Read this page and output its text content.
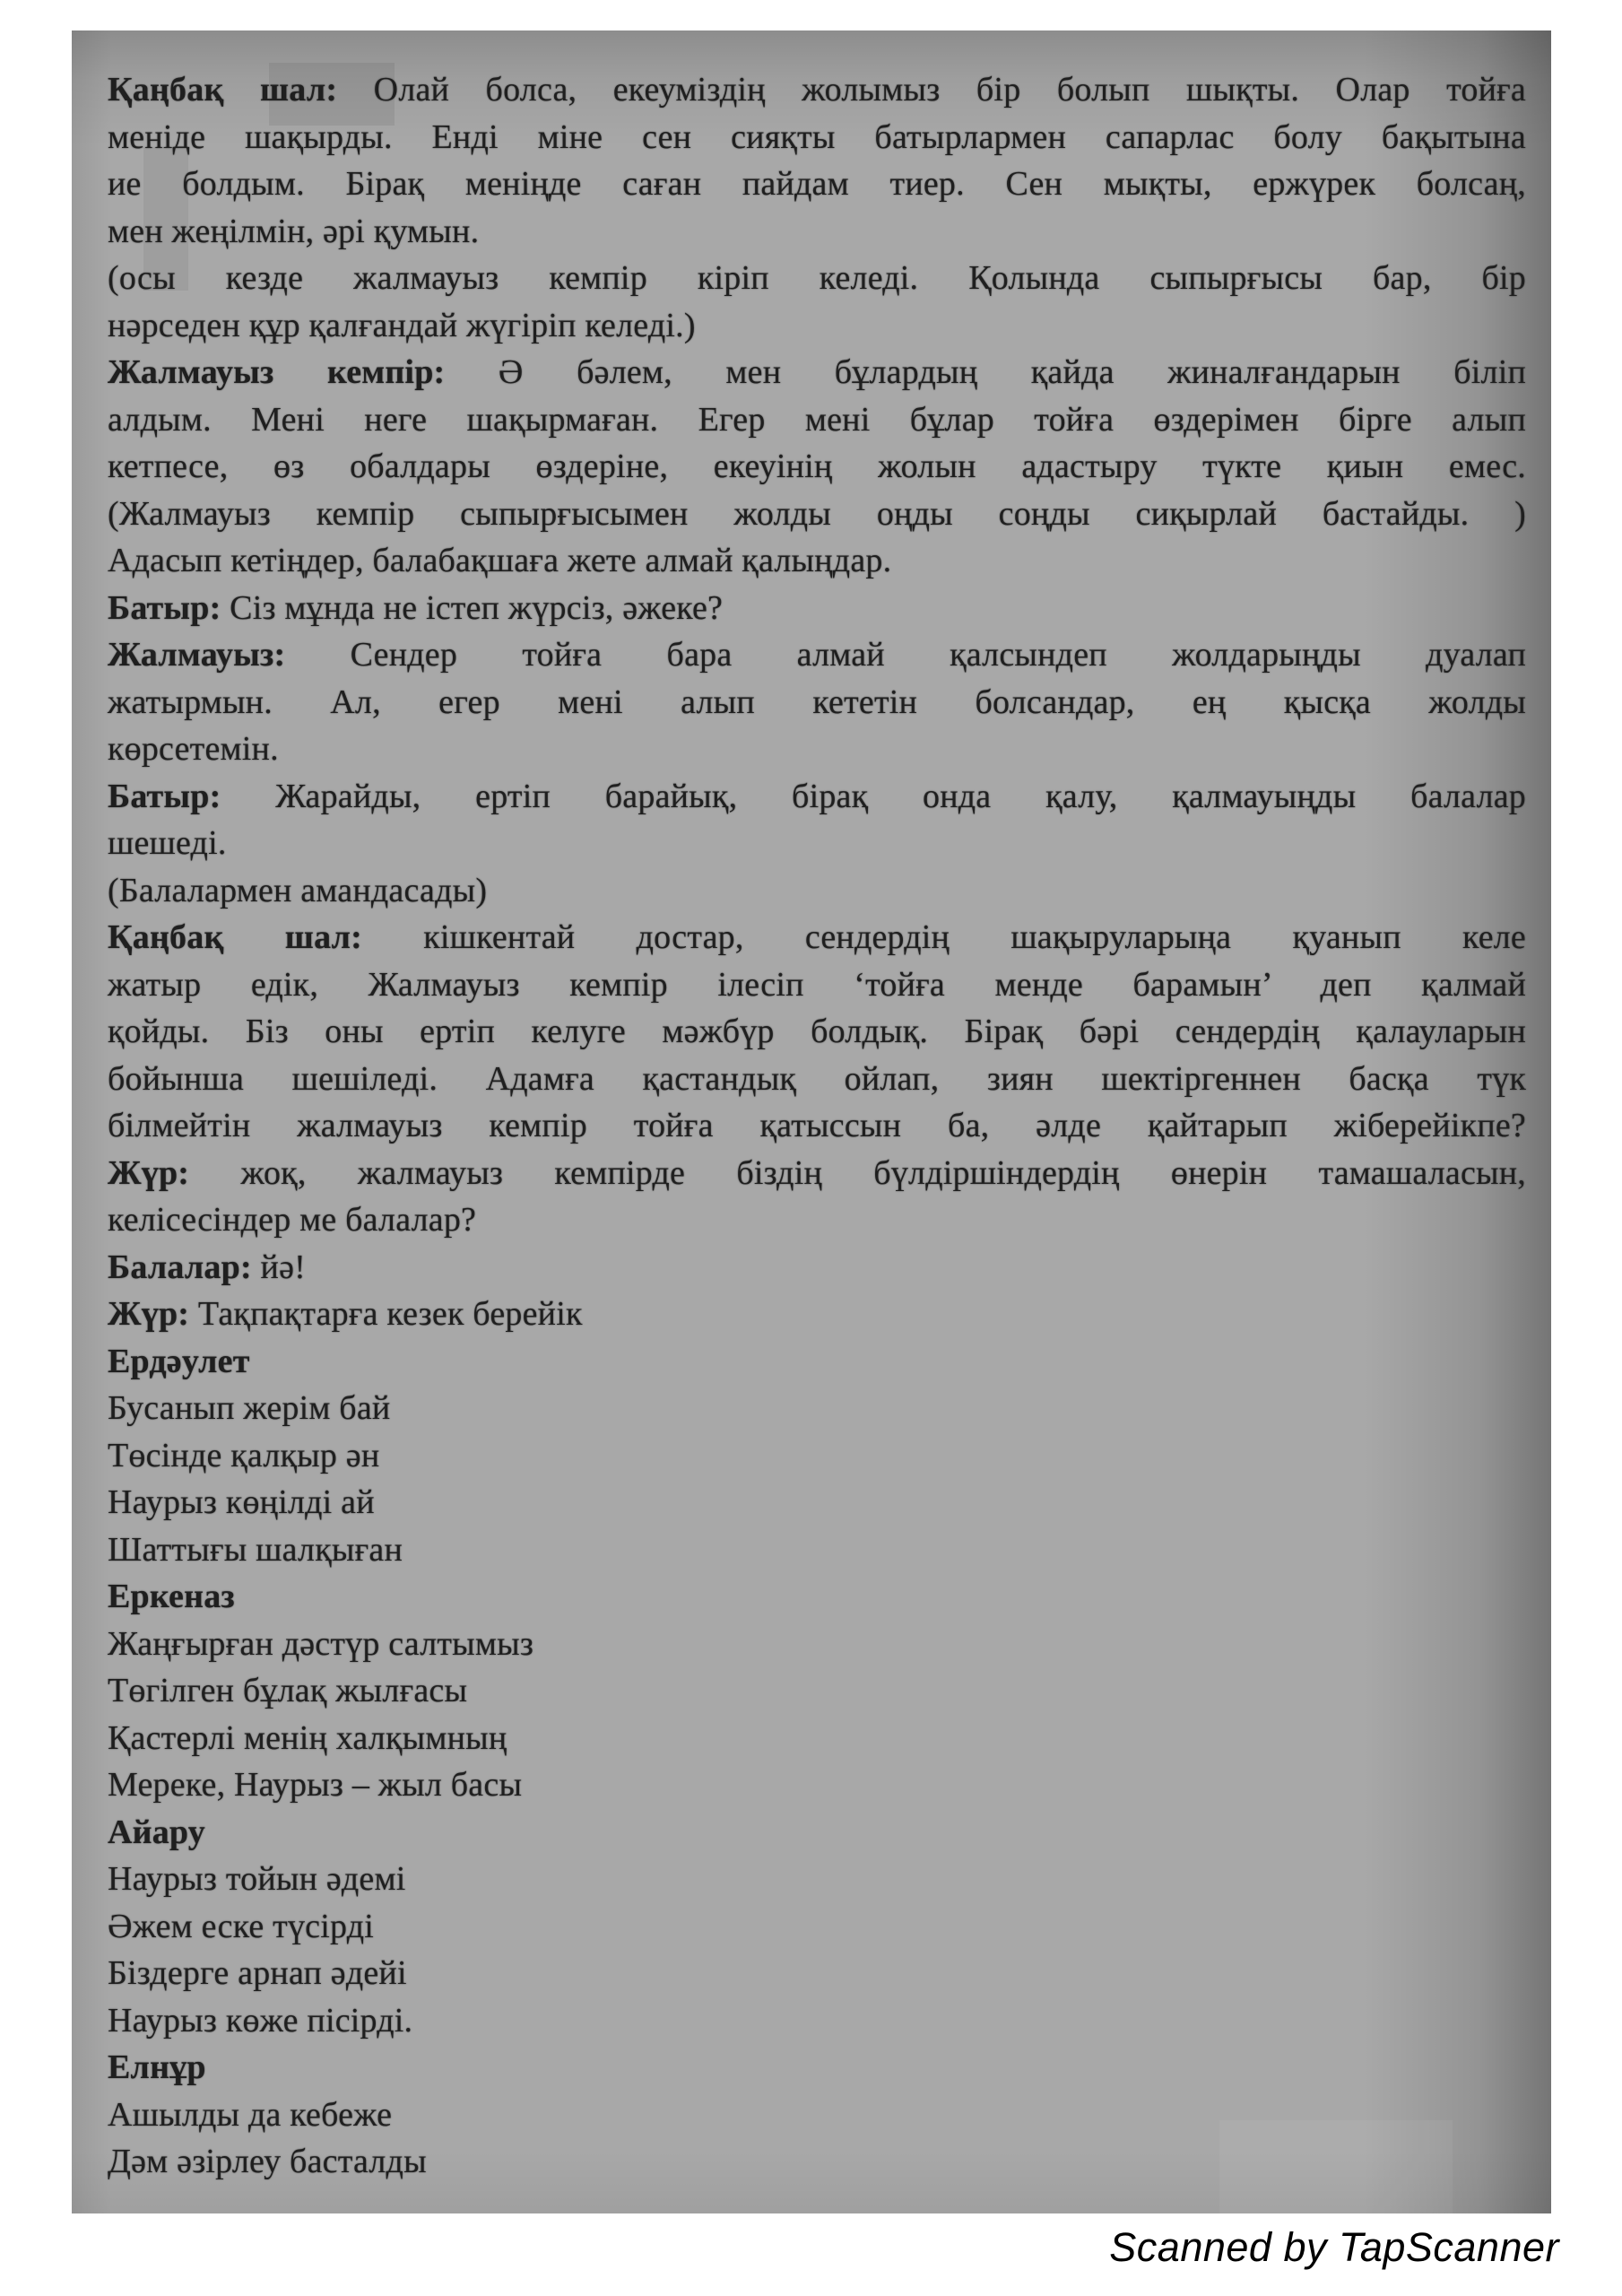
Қаңбақ шал: Олай болса, екеуміздің жолымыз бір болып шықты. Олар тойға
меніде шақырды. Енді міне сен сияқты батырлармен сапарлас болу бақытына
ие болдым. Бірақ меніңде саған пайдам тиер. Сен мықты, ержүрек болсаң,
мен жеңілмін, әрі қумын.
(осы кезде жалмауыз кемпір кіріп келеді. Қолында сыпырғысы бар, бір
нәрседен құр қалғандай жүгіріп келеді.)
Жалмауыз кемпір: Ә бәлем, мен бұлардың қайда жиналғандарын біліп
алдым. Мені неге шақырмаған. Егер мені бұлар тойға өздерімен бірге алып
кетпесе, өз обалдары өздеріне, екеуінің жолын адастыру түкте қиын емес.
(Жалмауыз кемпір сыпырғысымен жолды оңды соңды сиқырлай бастайды. )
Адасып кетіңдер, балабақшаға жете алмай қалыңдар.
Батыр: Сіз мұнда не істеп жүрсіз, әжеке?
Жалмауыз: Сендер тойға бара алмай қалсындеп жолдарыңды дуалап
жатырмын. Ал, егер мені алып кететін болсандар, ең қысқа жолды
көрсетемін.
Батыр: Жарайды, ертіп барайық, бірақ онда қалу, қалмауыңды балалар
шешеді.
(Балалармен амандасады)
Қаңбақ шал: кішкентай достар, сендердің шақыруларыңа қуанып келе
жатыр едік, Жалмауыз кемпір ілесіп ‘тойға менде барамын’ деп қалмай
қойды. Біз оны ертіп келуге мәжбүр болдық. Бірақ бәрі сендердің қалауларын
бойынша шешіледі. Адамға қастандық ойлап, зиян шектіргеннен басқа түк
білмейтін жалмауыз кемпір тойға қатыссын ба, әлде қайтарып жіберейікпе?
Жүр: жоқ, жалмауыз кемпірде біздің бүлдіршіндердің өнерін тамашаласын,
келісесіндер ме балалар?
Балалар: йә!
Жүр: Тақпақтарға кезек берейік
Ердәулет
Бусанып жерім бай
Төсінде қалқыр ән
Наурыз көңілді ай
Шаттығы шалқыған
Еркеназ
Жаңғырған дәстүр салтымыз
Төгілген бұлақ жылғасы
Қастерлі менің халқымның
Мереке, Наурыз – жыл басы
Айару
Наурыз тойын әдемі
Әжем еске түсірді
Біздерге арнап әдейі
Наурыз көже пісірді.
Елнұр
Ашылды да кебеже
Дәм әзірлеу басталды
Scanned by TapScanner
